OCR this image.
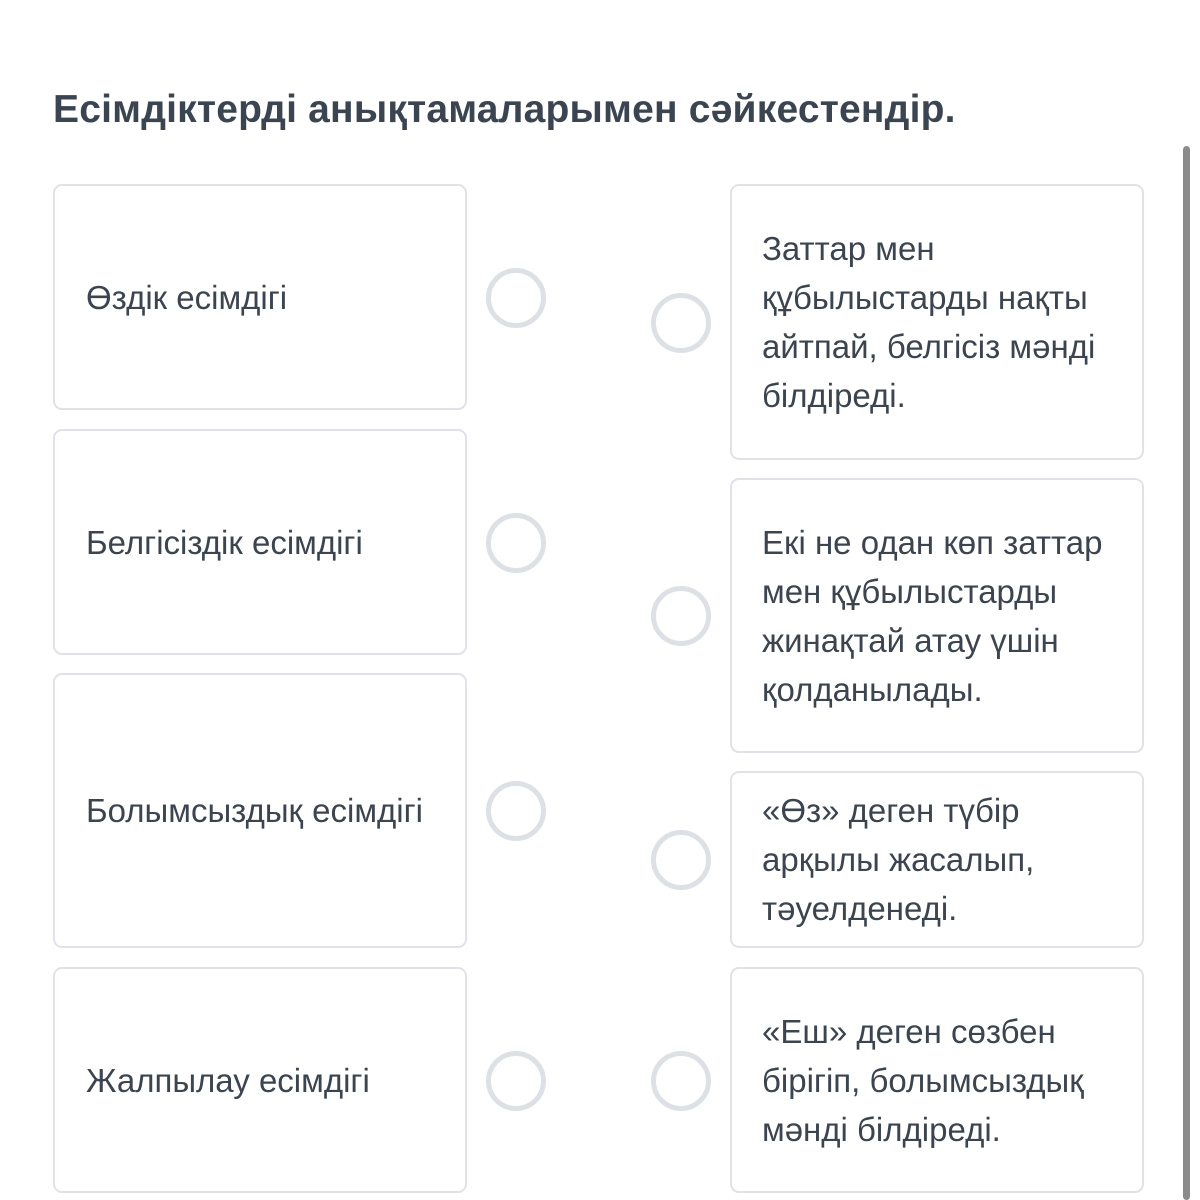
Есімдіктерді анықтамаларымен сәйкестендір.
Өздік есімдігі
Белгісіздік есімдігі
Болымсыздық есімдігі
Жалпылау есімдігі
Заттар мен құбылыстарды нақты айтпай, белгісіз мәнді білдіреді.
Екі не одан көп заттар мен құбылыстарды жинақтай атау үшін қолданылады.
«Өз» деген түбір арқылы жасалып, тәуелденеді.
«Еш» деген сөзбен бірігіп, болымсыздық мәнді білдіреді.
